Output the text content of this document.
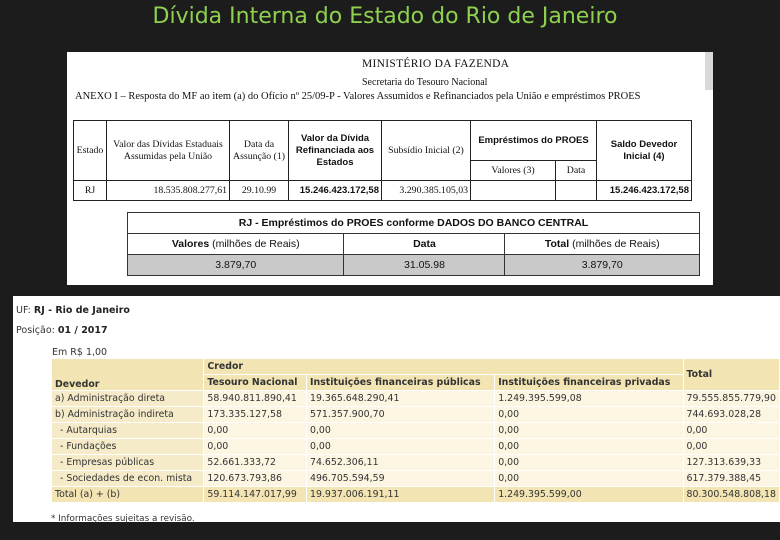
Dívida Interna do Estado do Rio de Janeiro
MINISTÉRIO DA FAZENDA
Secretaria do Tesouro Nacional
ANEXO I – Resposta do MF ao item (a) do Ofício nº 25/09-P - Valores Assumidos e Refinanciados pela União e empréstimos PROES
Estado	Valor das Dívidas Estaduais Assumidas pela União	Data da Assunção (1)	Valor da Dívida Refinanciada aos Estados	Subsídio Inicial (2)	Empréstimos do PROES		Saldo Devedor Inicial (4)
					Valores (3)	Data	
RJ	18.535.808.277,61	29.10.99	15.246.423.172,58	3.290.385.105,03			15.246.423.172,58
RJ - Empréstimos do PROES conforme DADOS DO BANCO CENTRAL		
Valores (milhões de Reais)	Data	Total (milhões de Reais)
3.879,70	31.05.98	3.879,70
UF: RJ - Rio de Janeiro
Posição: 01 / 2017
Em R$ 1,00
Devedor	Credor			Total
	Tesouro Nacional	Instituições financeiras públicas	Instituições financeiras privadas	
a) Administração direta	58.940.811.890,41	19.365.648.290,41	1.249.395.599,08	79.555.855.779,90
b) Administração indireta	173.335.127,58	571.357.900,70	0,00	744.693.028,28
- Autarquias	0,00	0,00	0,00	0,00
- Fundações	0,00	0,00	0,00	0,00
- Empresas públicas	52.661.333,72	74.652.306,11	0,00	127.313.639,33
- Sociedades de econ. mista	120.673.793,86	496.705.594,59	0,00	617.379.388,45
Total (a) + (b)	59.114.147.017,99	19.937.006.191,11	1.249.395.599,00	80.300.548.808,18
* Informações sujeitas a revisão.
